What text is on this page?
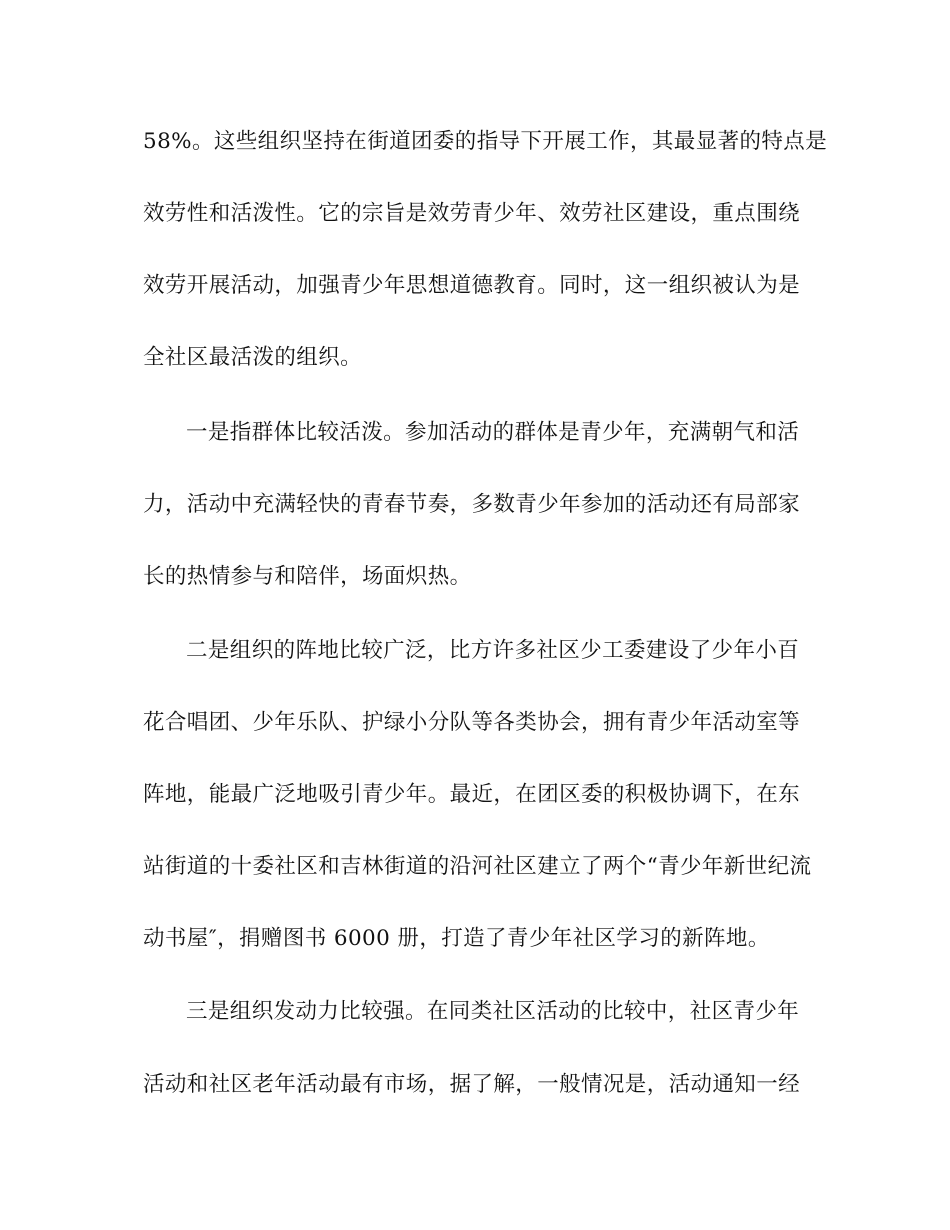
58%。这些组织坚持在街道团委的指导下开展工作，其最显著的特点是
效劳性和活泼性。它的宗旨是效劳青少年、效劳社区建设，重点围绕
效劳开展活动，加强青少年思想道德教育。同时，这一组织被认为是
全社区最活泼的组织。
一是指群体比较活泼。参加活动的群体是青少年，充满朝气和活
力，活动中充满轻快的青春节奏，多数青少年参加的活动还有局部家
长的热情参与和陪伴，场面炽热。
二是组织的阵地比较广泛，比方许多社区少工委建设了少年小百
花合唱团、少年乐队、护绿小分队等各类协会，拥有青少年活动室等
阵地，能最广泛地吸引青少年。最近，在团区委的积极协调下，在东
站街道的十委社区和吉林街道的沿河社区建立了两个“青少年新世纪流
动书屋″，捐赠图书 6000 册，打造了青少年社区学习的新阵地。
三是组织发动力比较强。在同类社区活动的比较中，社区青少年
活动和社区老年活动最有市场，据了解，一般情况是，活动通知一经
